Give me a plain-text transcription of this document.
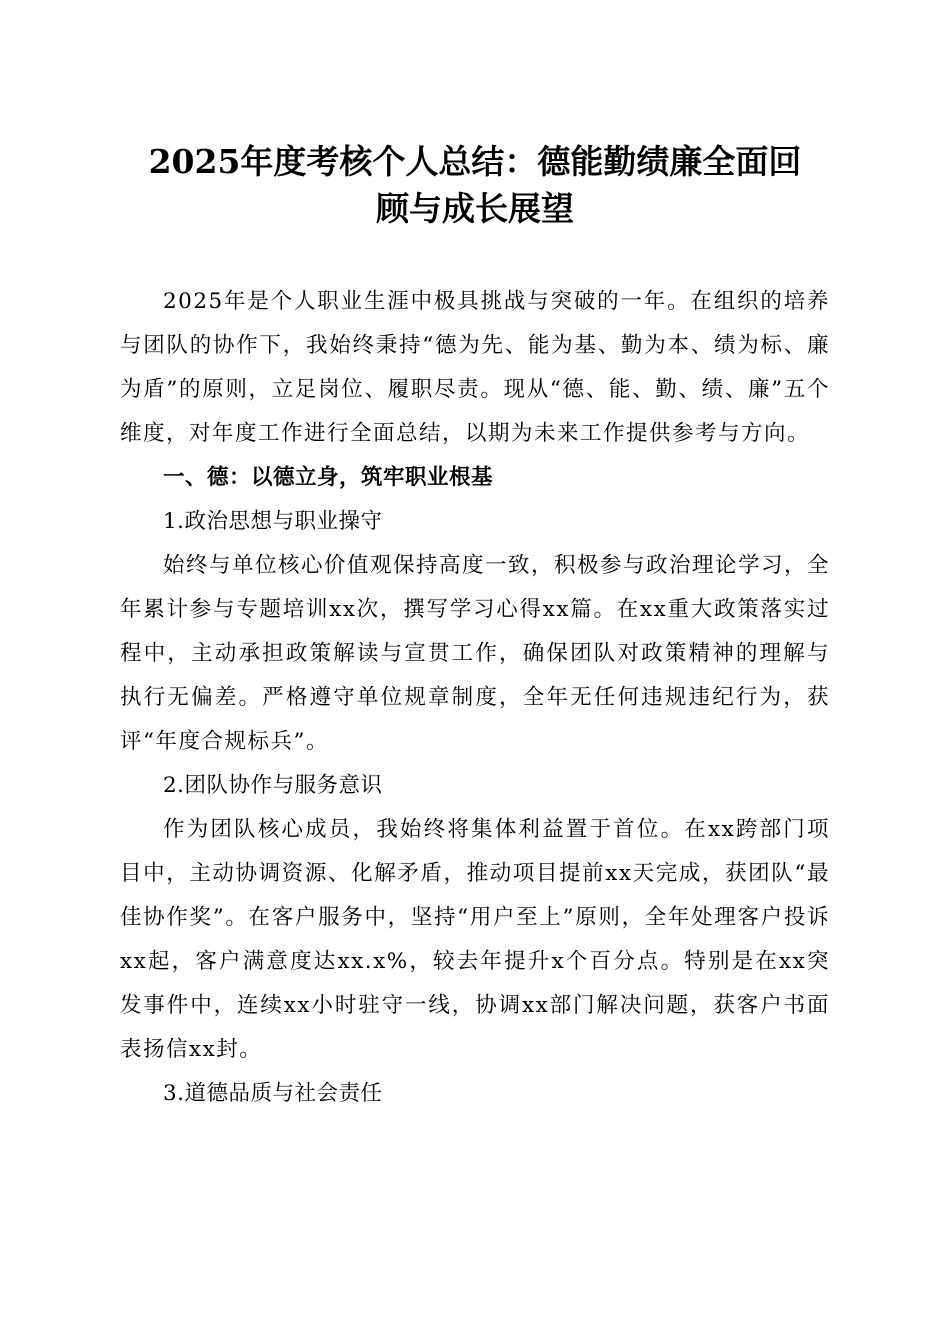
2025年度考核个人总结：德能勤绩廉全面回
顾与成长展望

2025年是个人职业生涯中极具挑战与突破的一年。在组织的培养与团队的协作下，我始终秉持“德为先、能为基、勤为本、绩为标、廉为盾”的原则，立足岗位、履职尽责。现从“德、能、勤、绩、廉”五个维度，对年度工作进行全面总结，以期为未来工作提供参考与方向。

一、德：以德立身，筑牢职业根基

1.政治思想与职业操守

始终与单位核心价值观保持高度一致，积极参与政治理论学习，全年累计参与专题培训xx次，撰写学习心得xx篇。在xx重大政策落实过程中，主动承担政策解读与宣贯工作，确保团队对政策精神的理解与执行无偏差。严格遵守单位规章制度，全年无任何违规违纪行为，获评“年度合规标兵”。

2.团队协作与服务意识

作为团队核心成员，我始终将集体利益置于首位。在xx跨部门项目中，主动协调资源、化解矛盾，推动项目提前xx天完成，获团队“最佳协作奖”。在客户服务中，坚持“用户至上”原则，全年处理客户投诉xx起，客户满意度达xx.x%，较去年提升x个百分点。特别是在xx突发事件中，连续xx小时驻守一线，协调xx部门解决问题，获客户书面表扬信xx封。

3.道德品质与社会责任
